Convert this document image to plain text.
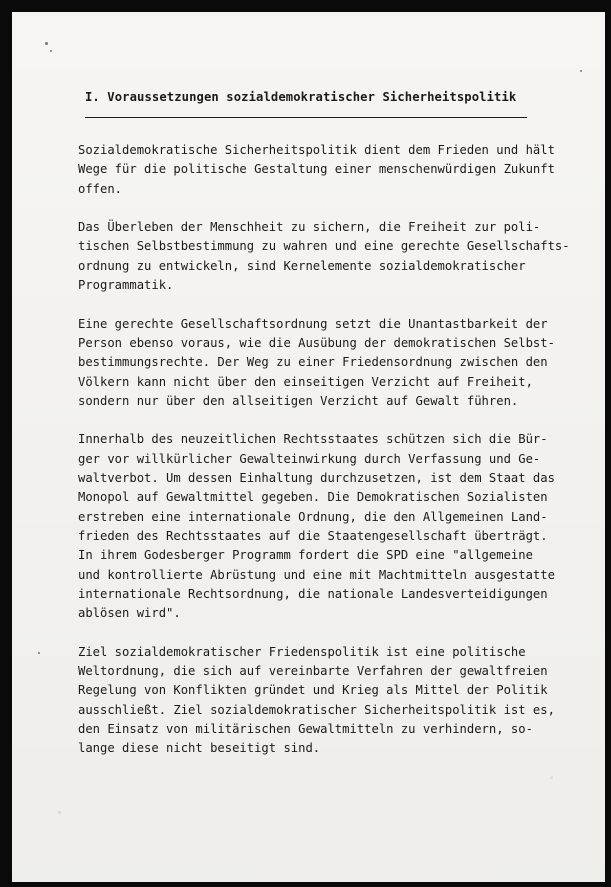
I. Voraussetzungen sozialdemokratischer Sicherheitspolitik

Sozialdemokratische Sicherheitspolitik dient dem Frieden und hält
Wege für die politische Gestaltung einer menschenwürdigen Zukunft
offen.

Das Überleben der Menschheit zu sichern, die Freiheit zur poli-
tischen Selbstbestimmung zu wahren und eine gerechte Gesellschafts-
ordnung zu entwickeln, sind Kernelemente sozialdemokratischer
Programmatik.

Eine gerechte Gesellschaftsordnung setzt die Unantastbarkeit der
Person ebenso voraus, wie die Ausübung der demokratischen Selbst-
bestimmungsrechte. Der Weg zu einer Friedensordnung zwischen den
Völkern kann nicht über den einseitigen Verzicht auf Freiheit,
sondern nur über den allseitigen Verzicht auf Gewalt führen.

Innerhalb des neuzeitlichen Rechtsstaates schützen sich die Bür-
ger vor willkürlicher Gewalteinwirkung durch Verfassung und Ge-
waltverbot. Um dessen Einhaltung durchzusetzen, ist dem Staat das
Monopol auf Gewaltmittel gegeben. Die Demokratischen Sozialisten
erstreben eine internationale Ordnung, die den Allgemeinen Land-
frieden des Rechtsstaates auf die Staatengesellschaft überträgt.
In ihrem Godesberger Programm fordert die SPD eine "allgemeine
und kontrollierte Abrüstung und eine mit Machtmitteln ausgestatte
internationale Rechtsordnung, die nationale Landesverteidigungen
ablösen wird".

Ziel sozialdemokratischer Friedenspolitik ist eine politische
Weltordnung, die sich auf vereinbarte Verfahren der gewaltfreien
Regelung von Konflikten gründet und Krieg als Mittel der Politik
ausschließt. Ziel sozialdemokratischer Sicherheitspolitik ist es,
den Einsatz von militärischen Gewaltmitteln zu verhindern, so-
lange diese nicht beseitigt sind.
